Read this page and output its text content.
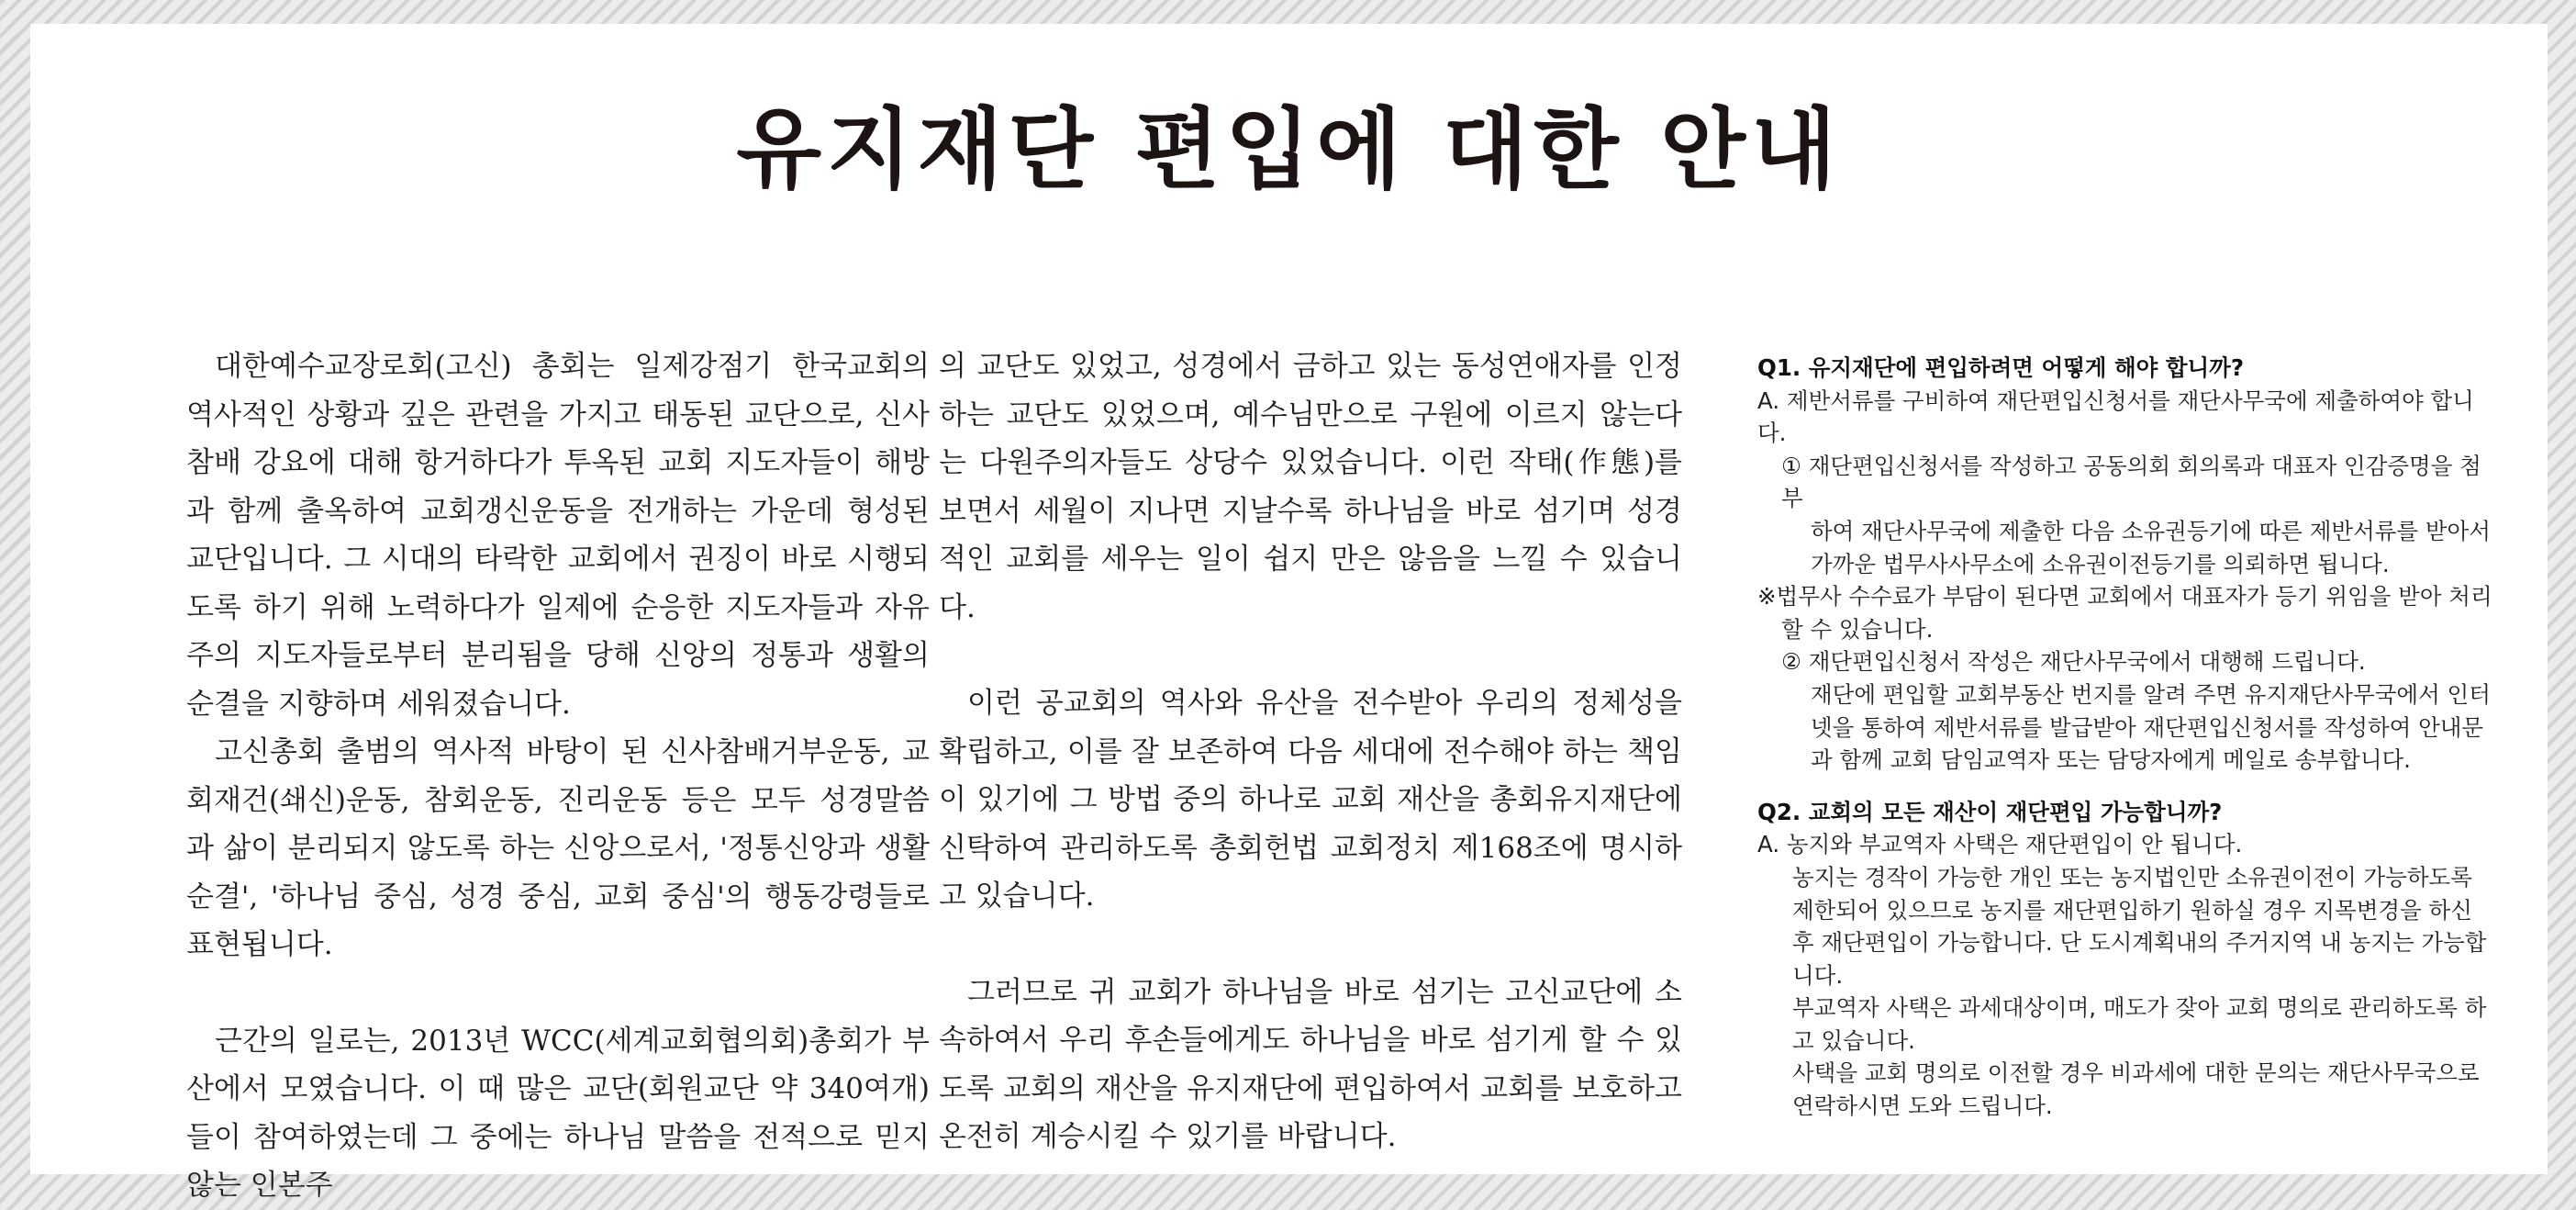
유지재단 편입에 대한 안내

대한예수교장로회(고신) 총회는 일제강점기 한국교회의 역사적인 상황과 깊은 관련을 가지고 태동된 교단으로, 신사참배 강요에 대해 항거하다가 투옥된 교회 지도자들이 해방과 함께 출옥하여 교회갱신운동을 전개하는 가운데 형성된 교단입니다. 그 시대의 타락한 교회에서 권징이 바로 시행되도록 하기 위해 노력하다가 일제에 순응한 지도자들과 자유주의 지도자들로부터 분리됨을 당해 신앙의 정통과 생활의 순결을 지향하며 세워졌습니다.

고신총회 출범의 역사적 바탕이 된 신사참배거부운동, 교회재건(쇄신)운동, 참회운동, 진리운동 등은 모두 성경말씀과 삶이 분리되지 않도록 하는 신앙으로서, '정통신앙과 생활순결', '하나님 중심, 성경 중심, 교회 중심'의 행동강령들로 표현됩니다.

근간의 일로는, 2013년 WCC(세계교회협의회)총회가 부산에서 모였습니다. 이 때 많은 교단(회원교단 약 340여개)들이 참여하였는데 그 중에는 하나님 말씀을 전적으로 믿지 않는 인본주

의 교단도 있었고, 성경에서 금하고 있는 동성연애자를 인정하는 교단도 있었으며, 예수님만으로 구원에 이르지 않는다는 다원주의자들도 상당수 있었습니다. 이런 작태(作態)를 보면서 세월이 지나면 지날수록 하나님을 바로 섬기며 성경적인 교회를 세우는 일이 쉽지 만은 않음을 느낄 수 있습니다.

이런 공교회의 역사와 유산을 전수받아 우리의 정체성을 확립하고, 이를 잘 보존하여 다음 세대에 전수해야 하는 책임이 있기에 그 방법 중의 하나로 교회 재산을 총회유지재단에 신탁하여 관리하도록 총회헌법 교회정치 제168조에 명시하고 있습니다.

그러므로 귀 교회가 하나님을 바로 섬기는 고신교단에 소속하여서 우리 후손들에게도 하나님을 바로 섬기게 할 수 있도록 교회의 재산을 유지재단에 편입하여서 교회를 보호하고 온전히 계승시킬 수 있기를 바랍니다.

Q1. 유지재단에 편입하려면 어떻게 해야 합니까?

A. 제반서류를 구비하여 재단편입신청서를 재단사무국에 제출하여야 합니다.

① 재단편입신청서를 작성하고 공동의회 회의록과 대표자 인감증명을 첨부

하여 재단사무국에 제출한 다음 소유권등기에 따른 제반서류를 받아서 가까운 법무사사무소에 소유권이전등기를 의뢰하면 됩니다.

※법무사 수수료가 부담이 된다면 교회에서 대표자가 등기 위임을 받아 처리할 수 있습니다.

② 재단편입신청서 작성은 재단사무국에서 대행해 드립니다.

재단에 편입할 교회부동산 번지를 알려 주면 유지재단사무국에서 인터넷을 통하여 제반서류를 발급받아 재단편입신청서를 작성하여 안내문과 함께 교회 담임교역자 또는 담당자에게 메일로 송부합니다.

Q2. 교회의 모든 재산이 재단편입 가능합니까?

A. 농지와 부교역자 사택은 재단편입이 안 됩니다.

농지는 경작이 가능한 개인 또는 농지법인만 소유권이전이 가능하도록 제한되어 있으므로 농지를 재단편입하기 원하실 경우 지목변경을 하신 후 재단편입이 가능합니다. 단 도시계획내의 주거지역 내 농지는 가능합니다.

부교역자 사택은 과세대상이며, 매도가 잦아 교회 명의로 관리하도록 하고 있습니다.

사택을 교회 명의로 이전할 경우 비과세에 대한 문의는 재단사무국으로 연락하시면 도와 드립니다.
